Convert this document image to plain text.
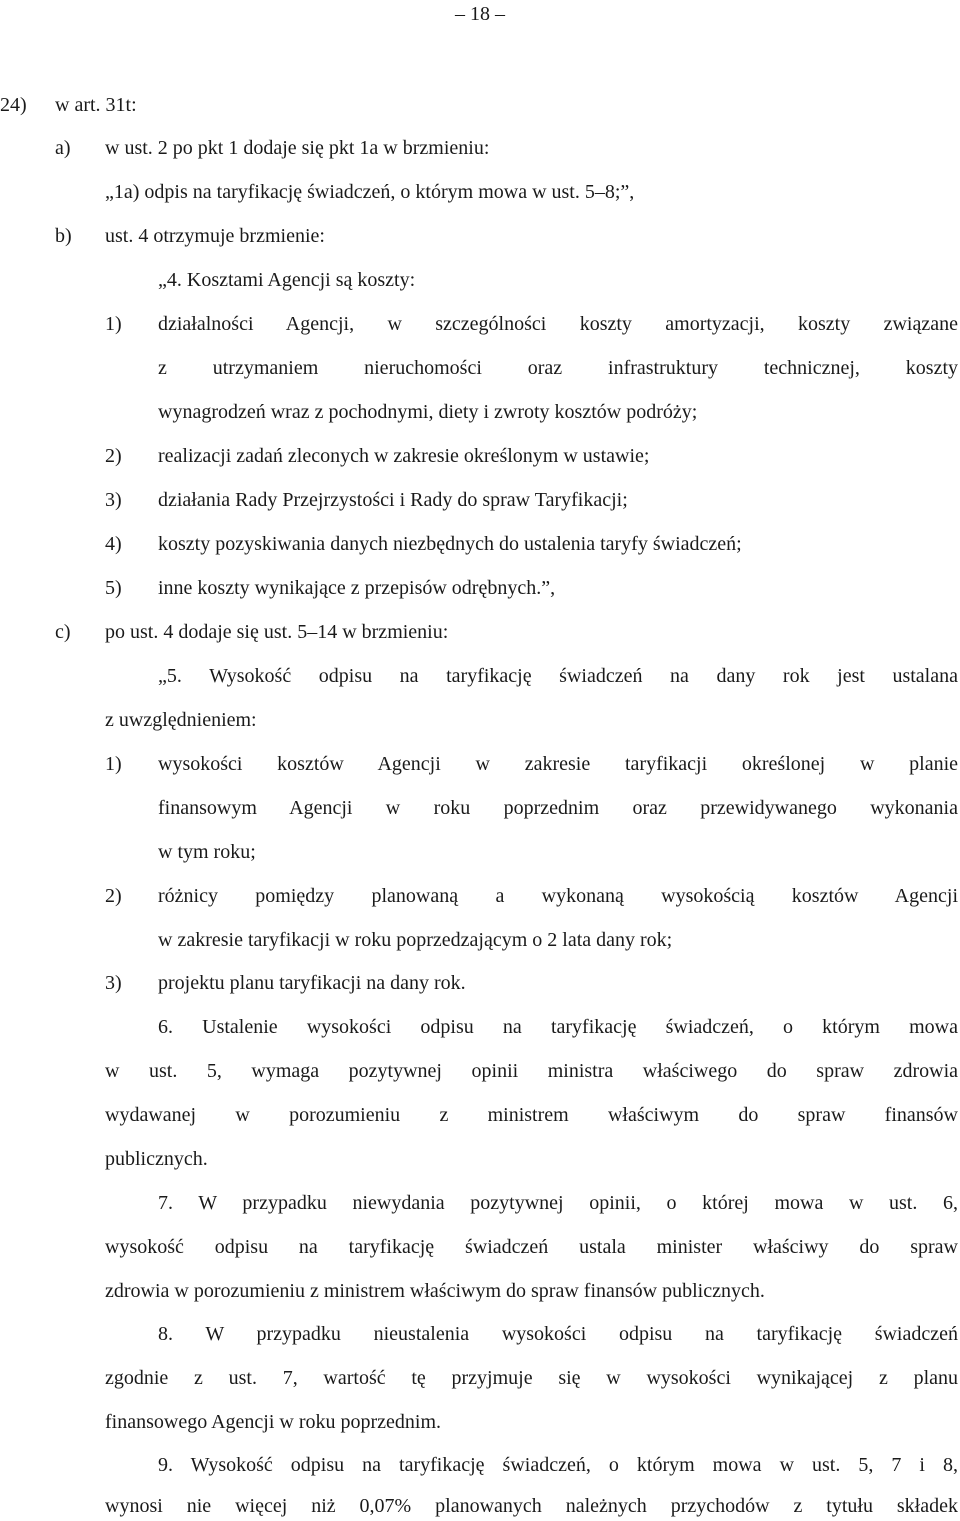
– 18 –
24) w art. 31t:
a) w ust. 2 po pkt 1 dodaje się pkt 1a w brzmieniu:
„1a) odpis na taryfikację świadczeń, o którym mowa w ust. 5–8;”,
b) ust. 4 otrzymuje brzmienie:
„4. Kosztami Agencji są koszty:
1) działalności Agencji, w szczególności koszty amortyzacji, koszty związane
z utrzymaniem nieruchomości oraz infrastruktury technicznej, koszty
wynagrodzeń wraz z pochodnymi, diety i zwroty kosztów podróży;
2) realizacji zadań zleconych w zakresie określonym w ustawie;
3) działania Rady Przejrzystości i Rady do spraw Taryfikacji;
4) koszty pozyskiwania danych niezbędnych do ustalenia taryfy świadczeń;
5) inne koszty wynikające z przepisów odrębnych.”,
c) po ust. 4 dodaje się ust. 5–14 w brzmieniu:
„5. Wysokość odpisu na taryfikację świadczeń na dany rok jest ustalana
z uwzględnieniem:
1) wysokości kosztów Agencji w zakresie taryfikacji określonej w planie
finansowym Agencji w roku poprzednim oraz przewidywanego wykonania
w tym roku;
2) różnicy pomiędzy planowaną a wykonaną wysokością kosztów Agencji
w zakresie taryfikacji w roku poprzedzającym o 2 lata dany rok;
3) projektu planu taryfikacji na dany rok.
6. Ustalenie wysokości odpisu na taryfikację świadczeń, o którym mowa
w ust. 5, wymaga pozytywnej opinii ministra właściwego do spraw zdrowia
wydawanej w porozumieniu z ministrem właściwym do spraw finansów
publicznych.
7. W przypadku niewydania pozytywnej opinii, o której mowa w ust. 6,
wysokość odpisu na taryfikację świadczeń ustala minister właściwy do spraw
zdrowia w porozumieniu z ministrem właściwym do spraw finansów publicznych.
8. W przypadku nieustalenia wysokości odpisu na taryfikację świadczeń
zgodnie z ust. 7, wartość tę przyjmuje się w wysokości wynikającej z planu
finansowego Agencji w roku poprzednim.
9. Wysokość odpisu na taryfikację świadczeń, o którym mowa w ust. 5, 7 i 8,
wynosi nie więcej niż 0,07% planowanych należnych przychodów z tytułu składek
